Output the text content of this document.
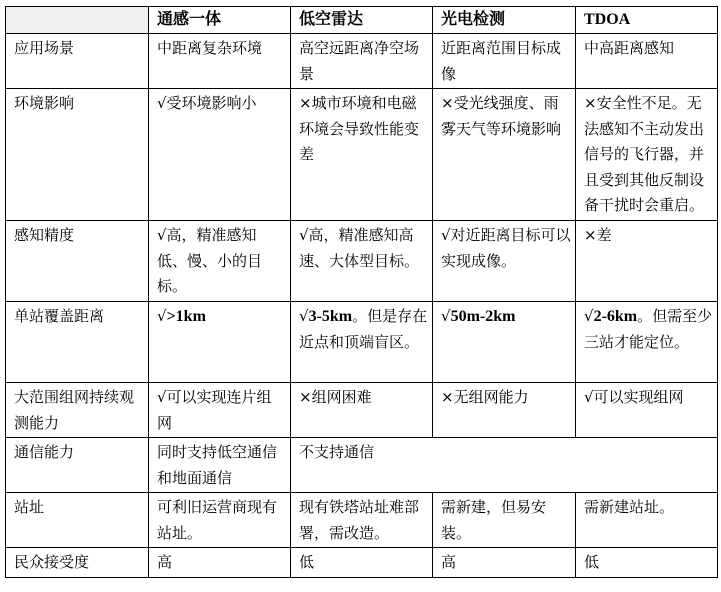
	通感一体	低空雷达	光电检测	TDOA
应用场景	中距离复杂环境	高空远距离净空场景	近距离范围目标成像	中高距离感知
环境影响	√受环境影响小	×城市环境和电磁环境会导致性能变差	×受光线强度、雨雾天气等环境影响	×安全性不足。无法感知不主动发出信号的飞行器，并且受到其他反制设备干扰时会重启。
感知精度	√高，精准感知低、慢、小的目标。	√高，精准感知高速、大体型目标。	√对近距离目标可以实现成像。	×差
单站覆盖距离	√>1km	√3-5km。但是存在近点和顶端盲区。	√50m-2km	√2-6km。但需至少三站才能定位。
大范围组网持续观测能力	√可以实现连片组网	×组网困难	×无组网能力	√可以实现组网
通信能力	同时支持低空通信和地面通信	不支持通信		
站址	可利旧运营商现有站址。	现有铁塔站址难部署，需改造。	需新建，但易安装。	需新建站址。
民众接受度	高	低	高	低
